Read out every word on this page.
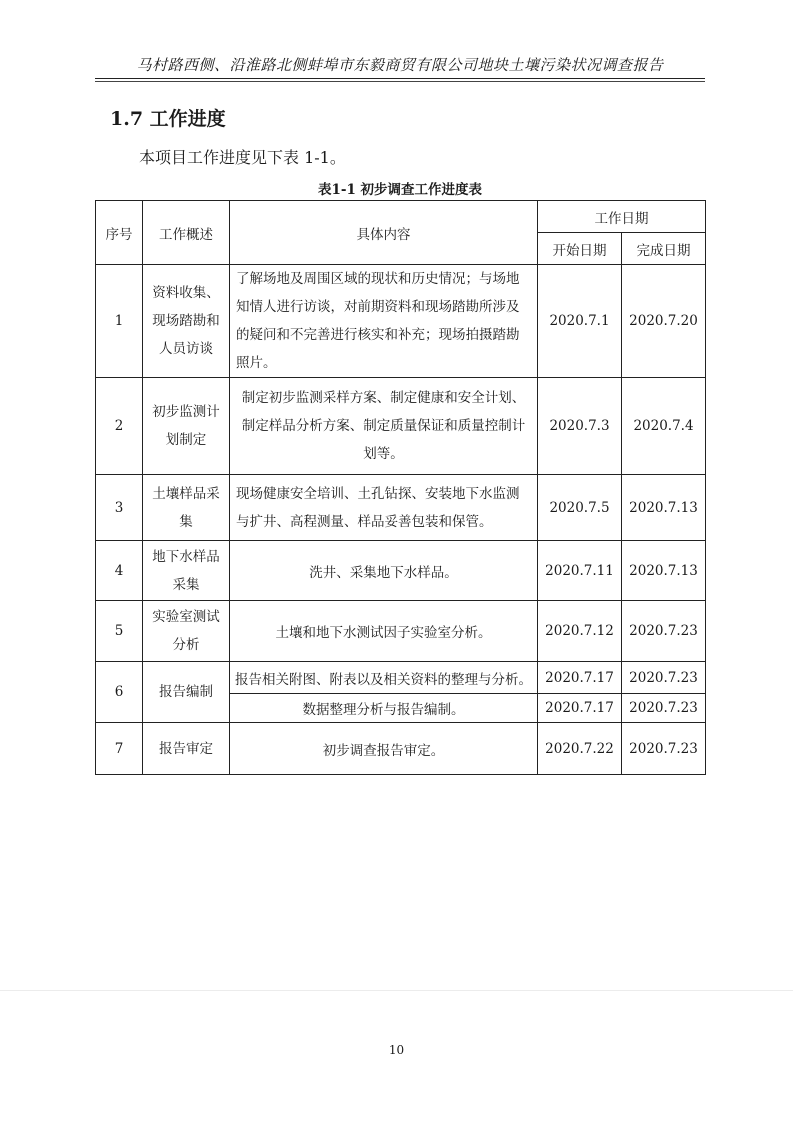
马村路西侧、沿淮路北侧蚌埠市东毅商贸有限公司地块土壤污染状况调查报告
1.7 工作进度
本项目工作进度见下表 1-1。
表1-1 初步调查工作进度表
序号	工作概述	具体内容	工作日期	
			开始日期	完成日期
1	资料收集、现场踏勘和人员访谈	了解场地及周围区域的现状和历史情况；与场地知情人进行访谈，对前期资料和现场踏勘所涉及的疑问和不完善进行核实和补充；现场拍摄踏勘照片。	2020.7.1	2020.7.20
2	初步监测计划制定	制定初步监测采样方案、制定健康和安全计划、制定样品分析方案、制定质量保证和质量控制计划等。	2020.7.3	2020.7.4
3	土壤样品采集	现场健康安全培训、土孔钻探、安装地下水监测与扩井、高程测量、样品妥善包装和保管。	2020.7.5	2020.7.13
4	地下水样品采集	洗井、采集地下水样品。	2020.7.11	2020.7.13
5	实验室测试分析	土壤和地下水测试因子实验室分析。	2020.7.12	2020.7.23
6	报告编制	报告相关附图、附表以及相关资料的整理与分析。	2020.7.17	2020.7.23
		数据整理分析与报告编制。	2020.7.17	2020.7.23
7	报告审定	初步调查报告审定。	2020.7.22	2020.7.23
10
